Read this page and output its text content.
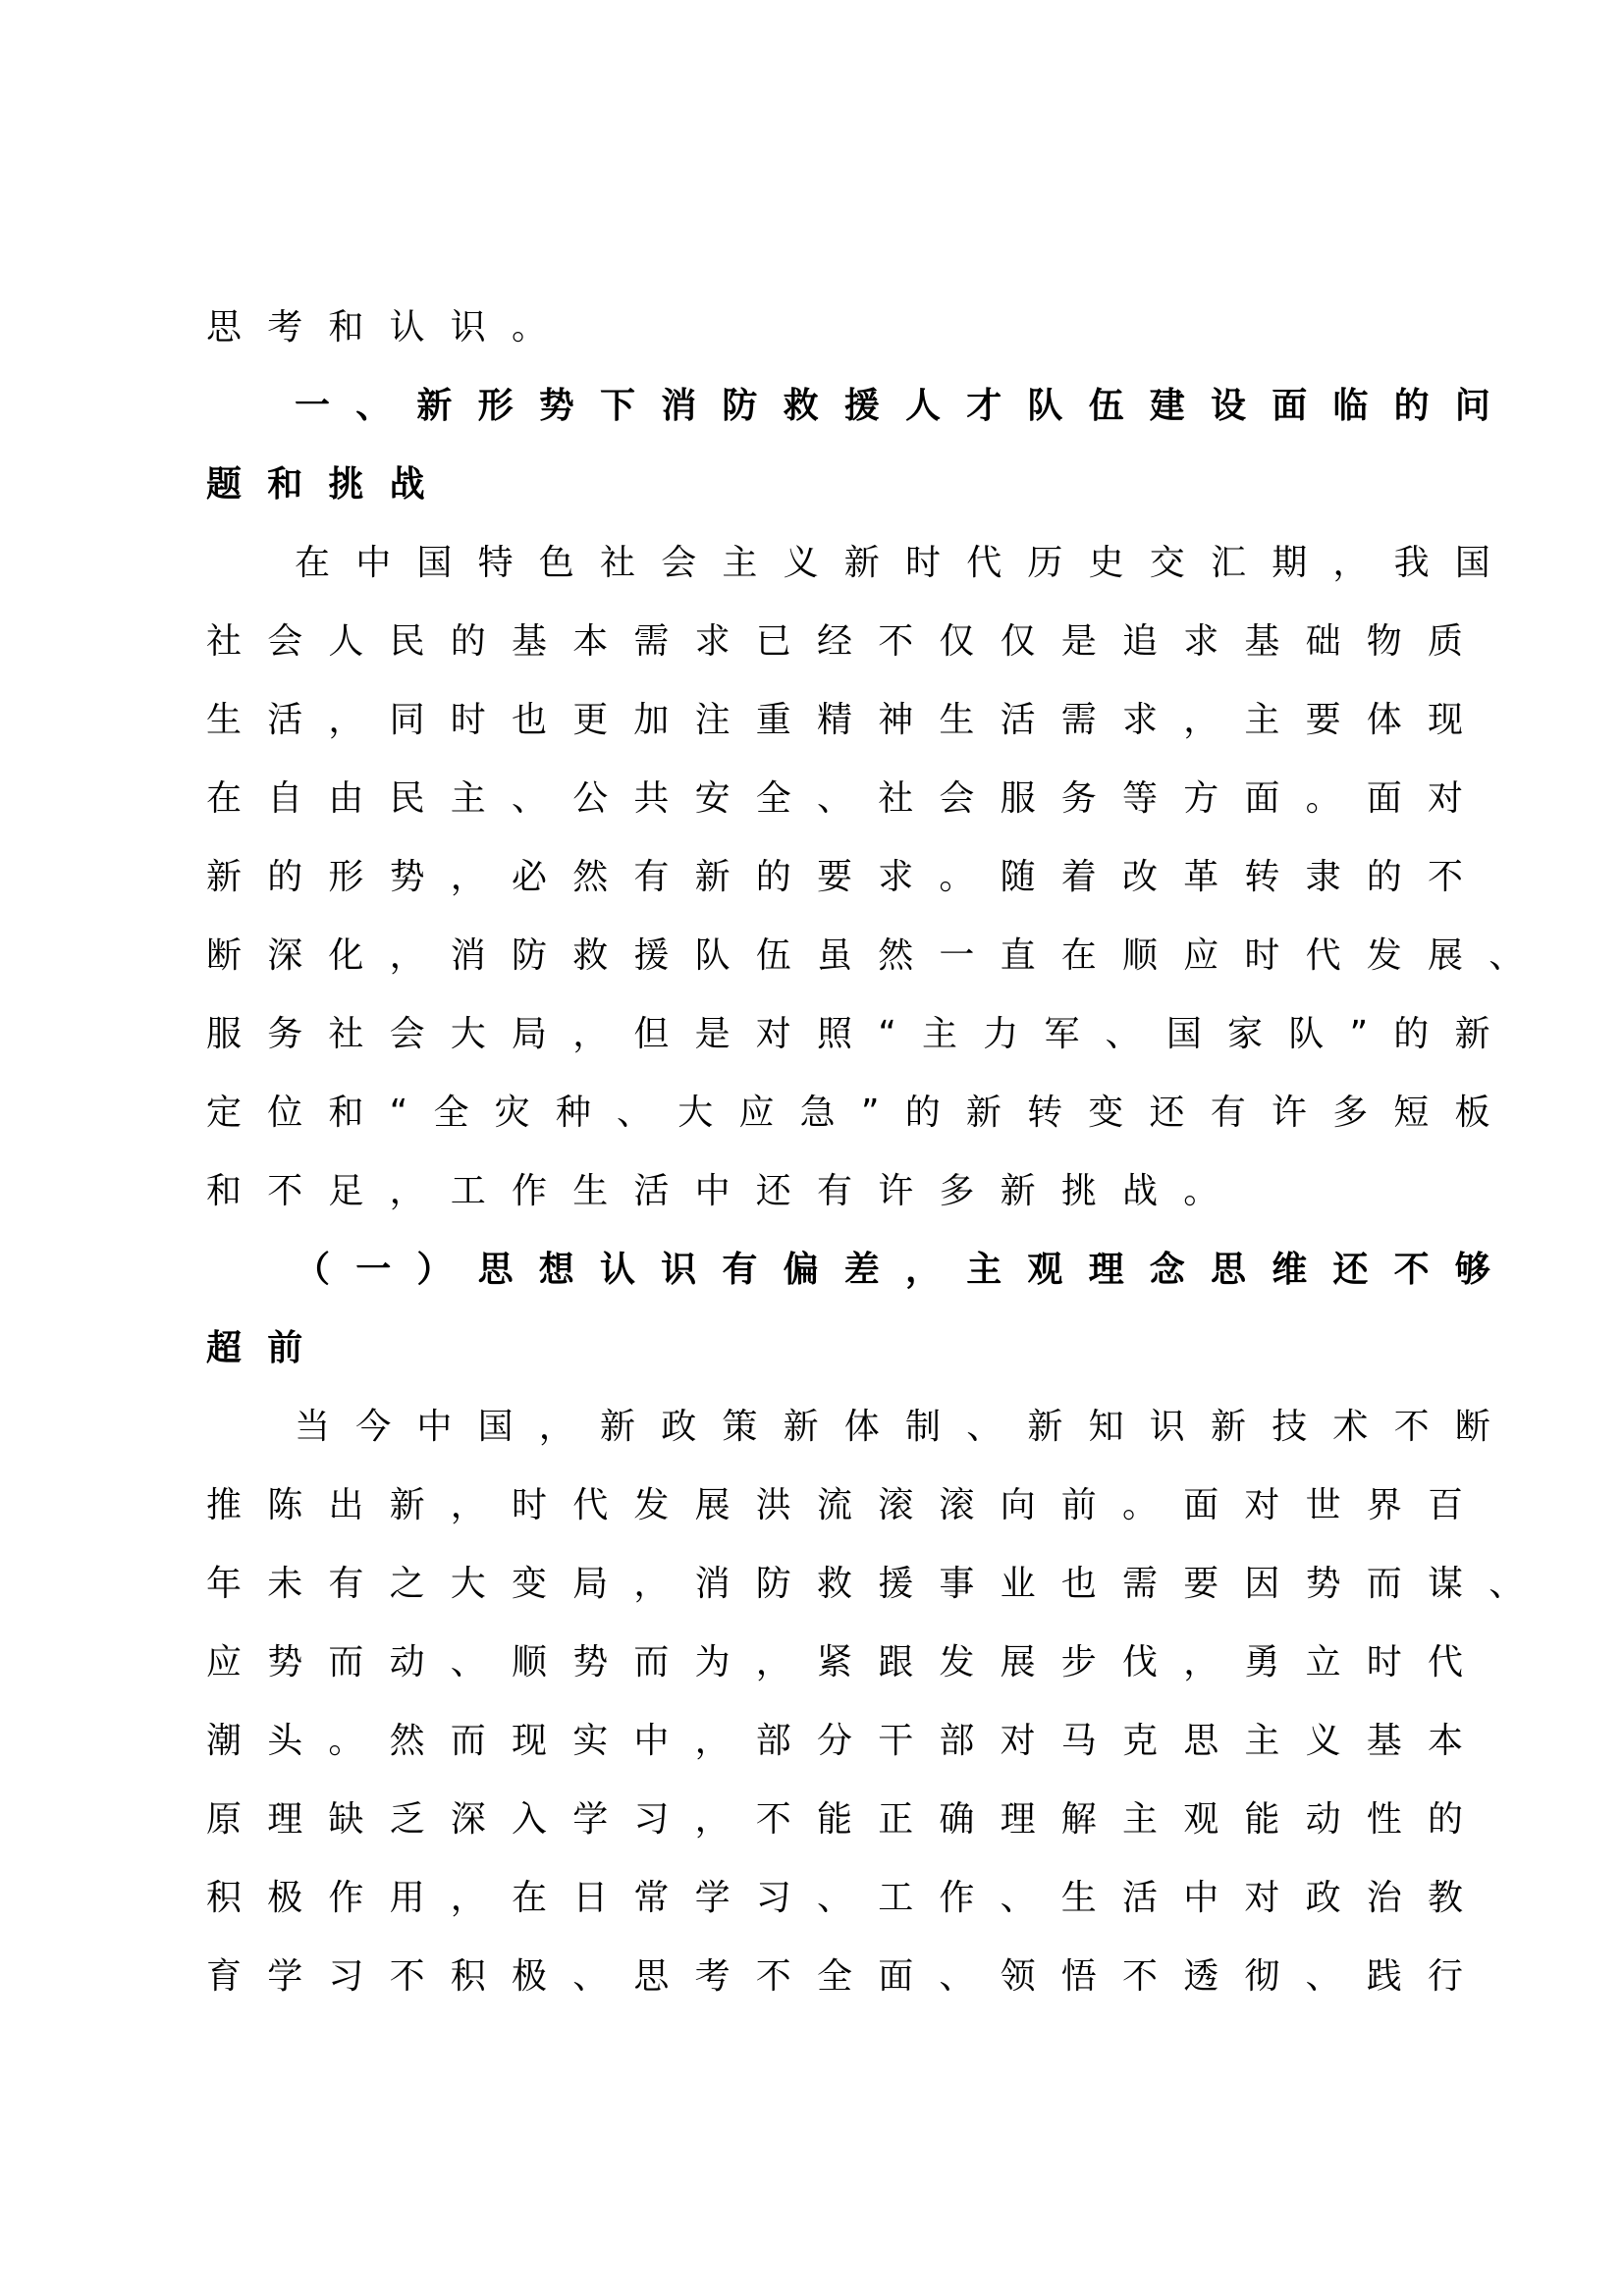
思考和认识。
一、新形势下消防救援人才队伍建设面临的问
题和挑战
在中国特色社会主义新时代历史交汇期，我国
社会人民的基本需求已经不仅仅是追求基础物质
生活，同时也更加注重精神生活需求，主要体现
在自由民主、公共安全、社会服务等方面。面对
新的形势，必然有新的要求。随着改革转隶的不
断深化，消防救援队伍虽然一直在顺应时代发展、
服务社会大局，但是对照“主力军、国家队”的新
定位和“全灾种、大应急”的新转变还有许多短板
和不足，工作生活中还有许多新挑战。
（一）思想认识有偏差，主观理念思维还不够
超前
当今中国，新政策新体制、新知识新技术不断
推陈出新，时代发展洪流滚滚向前。面对世界百
年未有之大变局，消防救援事业也需要因势而谋、
应势而动、顺势而为，紧跟发展步伐，勇立时代
潮头。然而现实中，部分干部对马克思主义基本
原理缺乏深入学习，不能正确理解主观能动性的
积极作用，在日常学习、工作、生活中对政治教
育学习不积极、思考不全面、领悟不透彻、践行
